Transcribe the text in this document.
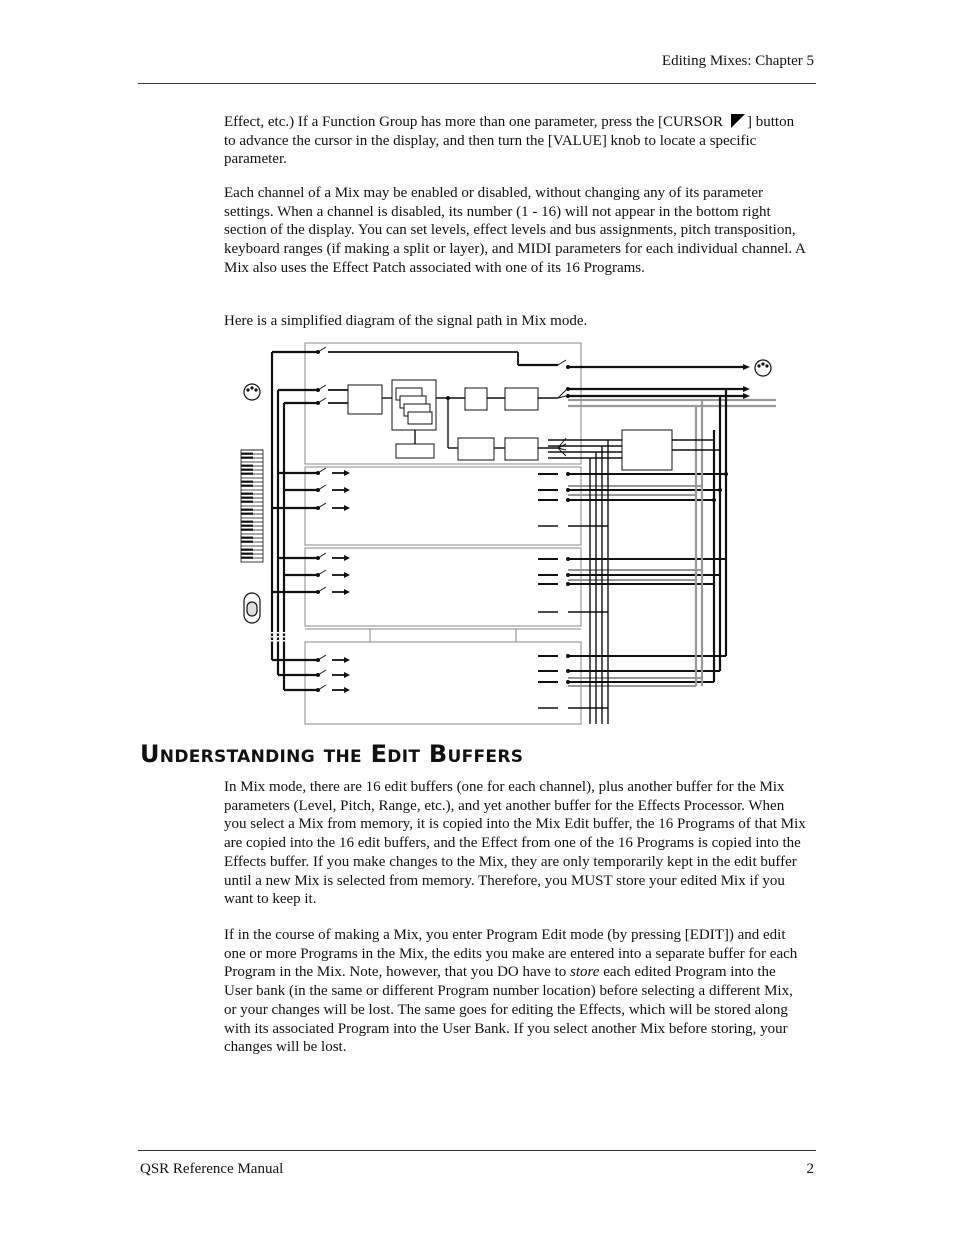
Editing Mixes: Chapter 5

Effect, etc.) If a Function Group has more than one parameter, press the [CURSOR ] button to advance the cursor in the display, and then turn the [VALUE] knob to locate a specific parameter.

Each channel of a Mix may be enabled or disabled, without changing any of its parameter settings. When a channel is disabled, its number (1 - 16) will not appear in the bottom right section of the display. You can set levels, effect levels and bus assignments, pitch transposition, keyboard ranges (if making a split or layer), and MIDI parameters for each individual channel. A Mix also uses the Effect Patch associated with one of its 16 Programs.

Here is a simplified diagram of the signal path in Mix mode.

Understanding the Edit Buffers

In Mix mode, there are 16 edit buffers (one for each channel), plus another buffer for the Mix parameters (Level, Pitch, Range, etc.), and yet another buffer for the Effects Processor. When you select a Mix from memory, it is copied into the Mix Edit buffer, the 16 Programs of that Mix are copied into the 16 edit buffers, and the Effect from one of the 16 Programs is copied into the Effects buffer. If you make changes to the Mix, they are only temporarily kept in the edit buffer until a new Mix is selected from memory. Therefore, you MUST store your edited Mix if you want to keep it.

If in the course of making a Mix, you enter Program Edit mode (by pressing [EDIT]) and edit one or more Programs in the Mix, the edits you make are entered into a separate buffer for each Program in the Mix. Note, however, that you DO have to store each edited Program into the User bank (in the same or different Program number location) before selecting a different Mix, or your changes will be lost. The same goes for editing the Effects, which will be stored along with its associated Program into the User Bank. If you select another Mix before storing, your changes will be lost.

QSR Reference Manual	2
